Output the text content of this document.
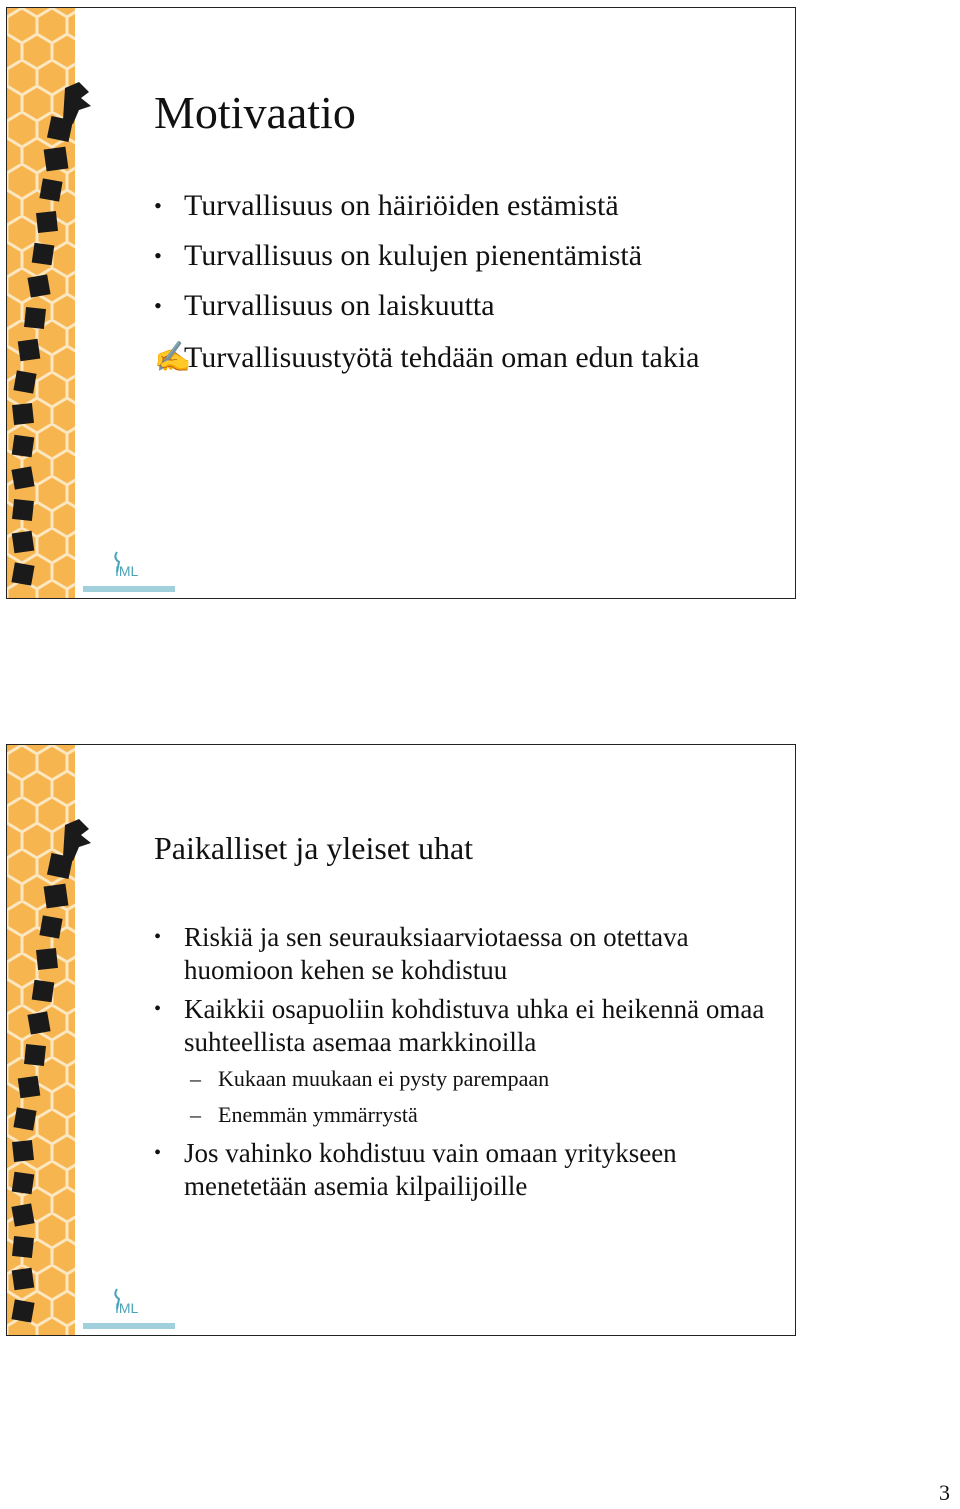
IML
Motivaatio
• Turvallisuus on häiriöiden estämistä
• Turvallisuus on kulujen pienentämistä
• Turvallisuus on laiskuutta
✍
Turvallisuustyötä tehdään oman edun takia
IML
Paikalliset ja yleiset uhat
• Riskiä ja sen seurauksiaarviotaessa on otettava huomioon kehen se kohdistuu
• Kaikkii osapuoliin kohdistuva uhka ei heikennä omaa suhteellista asemaa markkinoilla
– Kukaan muukaan ei pysty parempaan
– Enemmän ymmärrystä
• Jos vahinko kohdistuu vain omaan yritykseen menetetään asemia kilpailijoille
3
